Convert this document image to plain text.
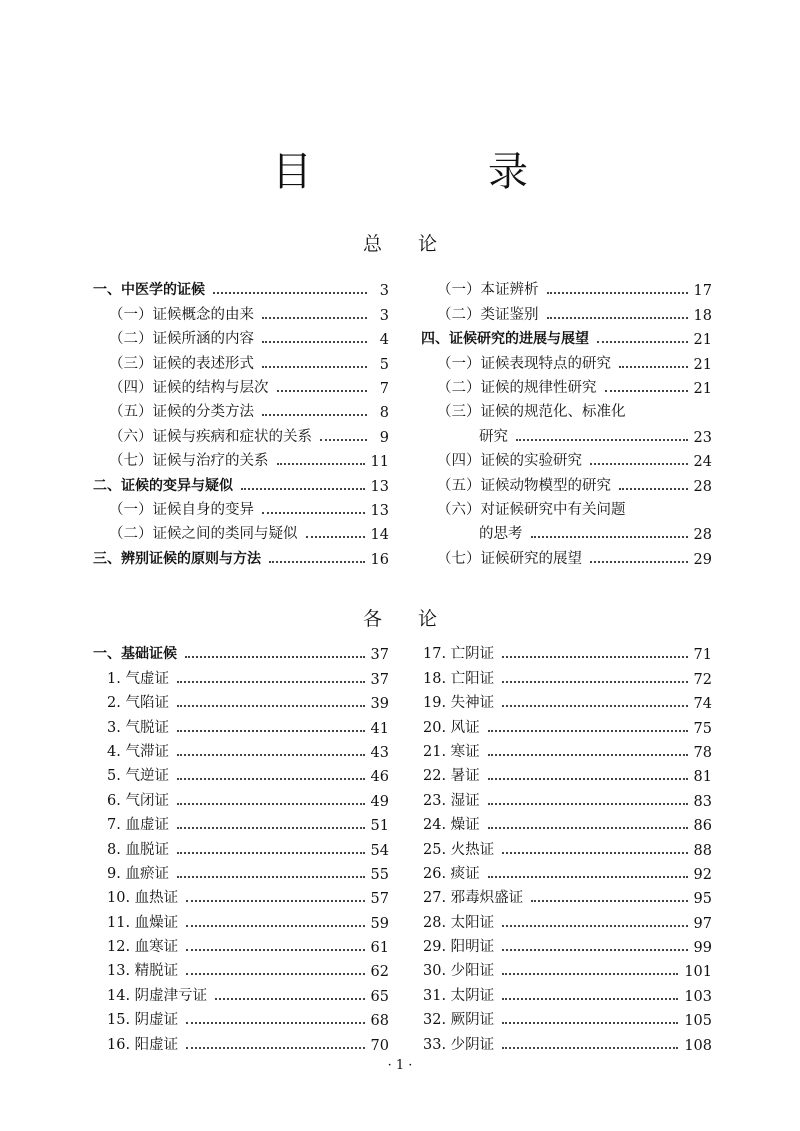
目　录
总论
一、中医学的证候	3
（一）证候概念的由来	3
（二）证候所涵的内容	4
（三）证候的表述形式	5
（四）证候的结构与层次	7
（五）证候的分类方法	8
（六）证候与疾病和症状的关系	9
（七）证候与治疗的关系	11
二、证候的变异与疑似	13
（一）证候自身的变异	13
（二）证候之间的类同与疑似	14
三、辨别证候的原则与方法	16
（一）本证辨析	17
（二）类证鉴别	18
四、证候研究的进展与展望	21
（一）证候表现特点的研究	21
（二）证候的规律性研究	21
（三）证候的规范化、标准化
研究	23
（四）证候的实验研究	24
（五）证候动物模型的研究	28
（六）对证候研究中有关问题
的思考	28
（七）证候研究的展望	29
各论
一、基础证候	37
1. 气虚证	37
2. 气陷证	39
3. 气脱证	41
4. 气滞证	43
5. 气逆证	46
6. 气闭证	49
7. 血虚证	51
8. 血脱证	54
9. 血瘀证	55
10. 血热证	57
11. 血燥证	59
12. 血寒证	61
13. 精脱证	62
14. 阴虚津亏证	65
15. 阴虚证	68
16. 阳虚证	70
17. 亡阴证	71
18. 亡阳证	72
19. 失神证	74
20. 风证	75
21. 寒证	78
22. 暑证	81
23. 湿证	83
24. 燥证	86
25. 火热证	88
26. 痰证	92
27. 邪毒炽盛证	95
28. 太阳证	97
29. 阳明证	99
30. 少阳证	101
31. 太阴证	103
32. 厥阴证	105
33. 少阴证	108
· 1 ·
